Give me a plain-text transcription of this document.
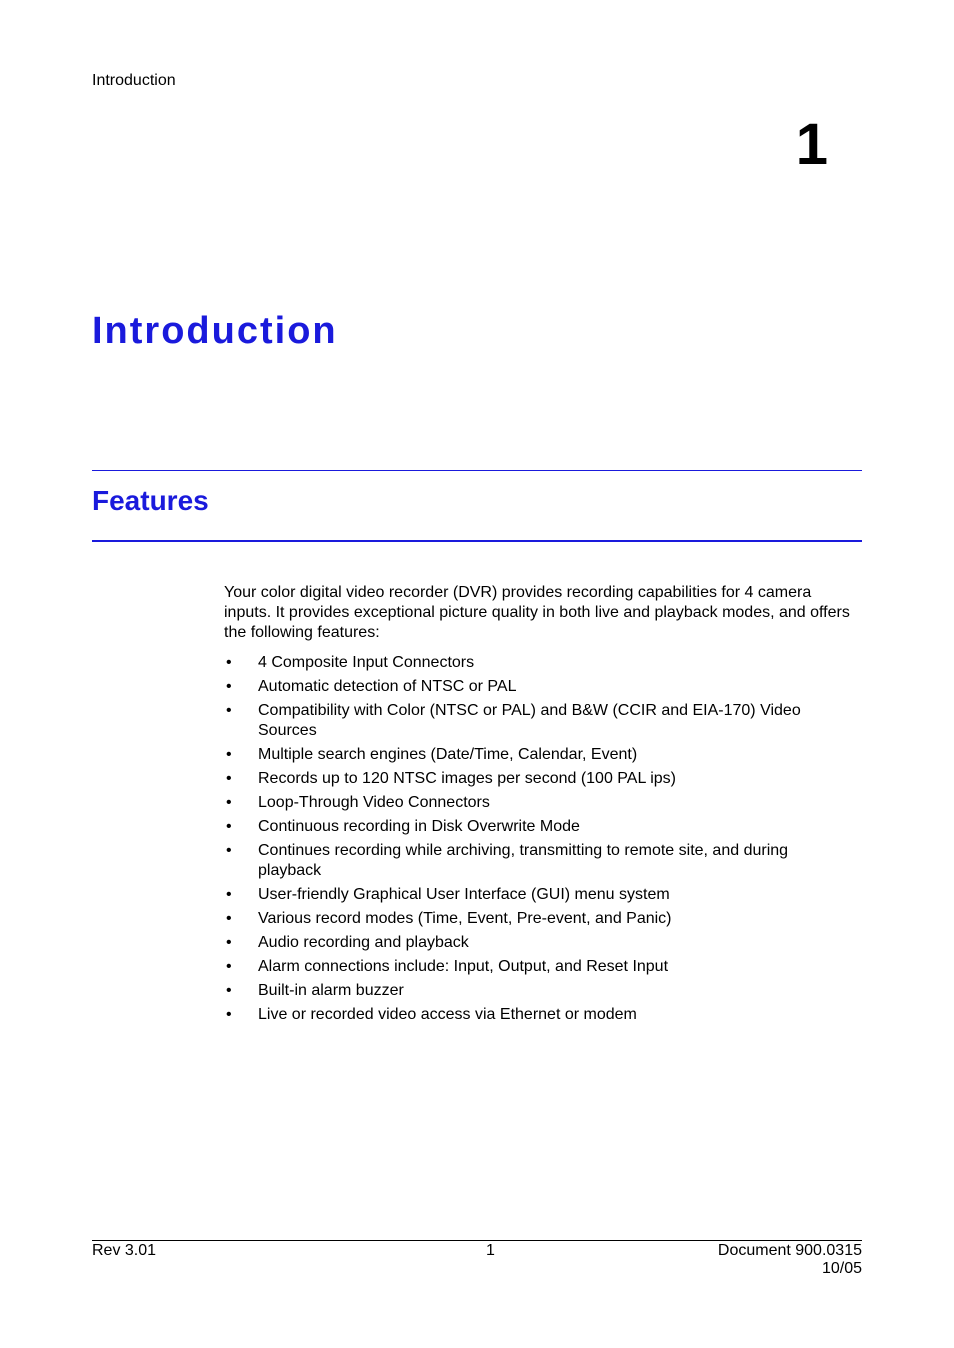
Introduction
1
Introduction
Features

Your color digital video recorder (DVR) provides recording capabilities for 4 camera inputs. It provides exceptional picture quality in both live and playback modes, and offers the following features:

• 4 Composite Input Connectors
• Automatic detection of NTSC or PAL
• Compatibility with Color (NTSC or PAL) and B&W (CCIR and EIA-170) Video Sources
• Multiple search engines (Date/Time, Calendar, Event)
• Records up to 120 NTSC images per second (100 PAL ips)
• Loop-Through Video Connectors
• Continuous recording in Disk Overwrite Mode
• Continues recording while archiving, transmitting to remote site, and during playback
• User-friendly Graphical User Interface (GUI) menu system
• Various record modes (Time, Event, Pre-event, and Panic)
• Audio recording and playback
• Alarm connections include: Input, Output, and Reset Input
• Built-in alarm buzzer
• Live or recorded video access via Ethernet or modem
Rev 3.01	1	Document 900.0315
10/05
